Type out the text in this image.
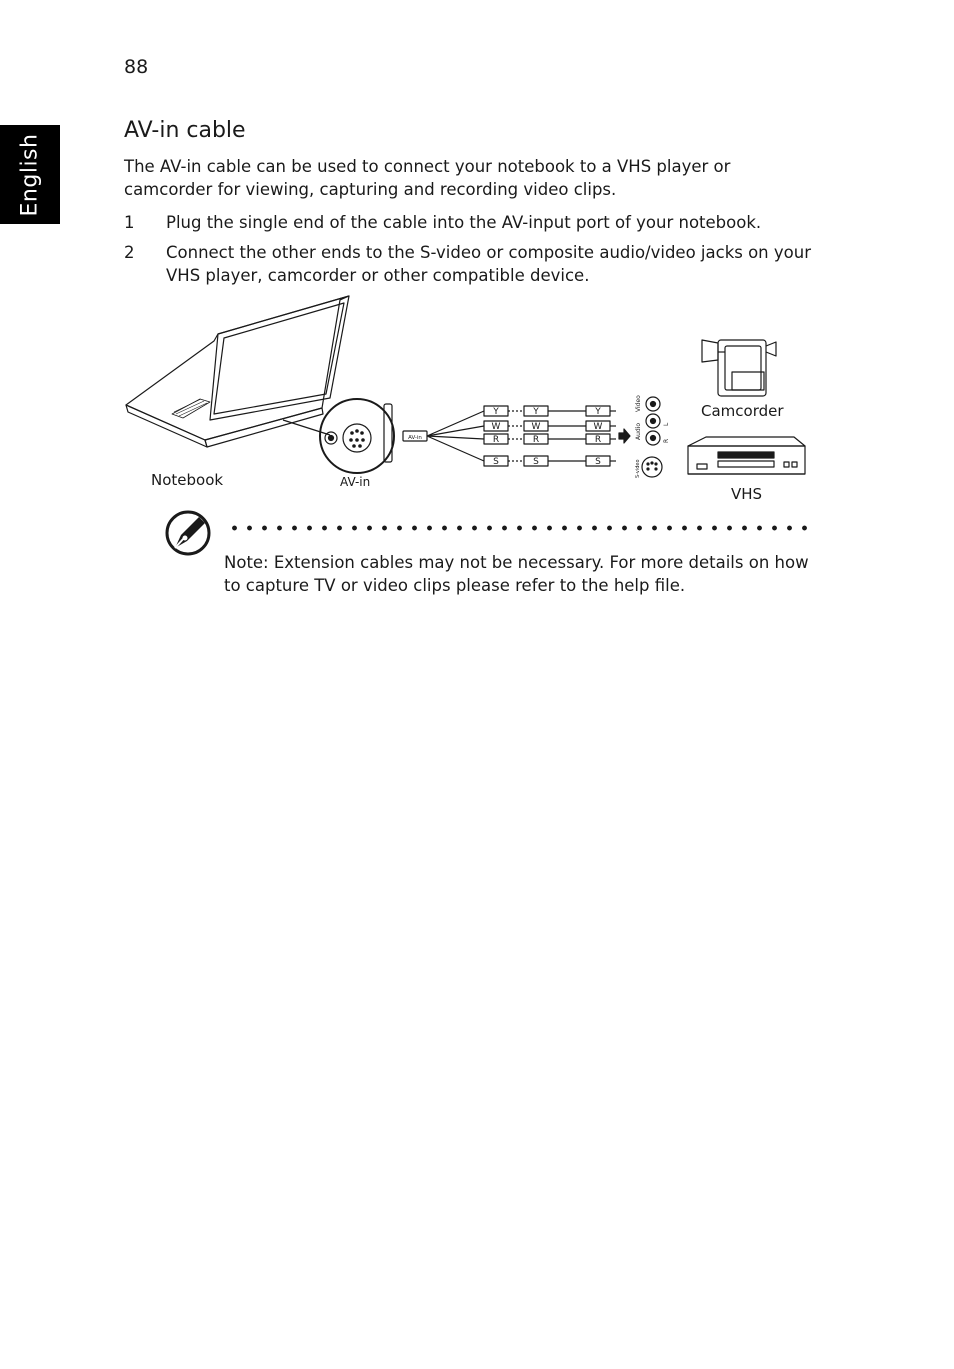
88
English
AV-in cable

The AV-in cable can be used to connect your notebook to a VHS player or camcorder for viewing, capturing and recording video clips.

1 Plug the single end of the cable into the AV-input port of your notebook.
2 Connect the other ends to the S-video or composite audio/video jacks on your VHS player, camcorder or other compatible device.
Y
W
R
S
Y
W
R
S
Y
W
R
S
AV-in	Audio
Video
L
R
S-video
Notebook	AV-in
Camcorder
VHS

Note: Extension cables may not be necessary. For more details on how to capture TV or video clips please refer to the help file.
